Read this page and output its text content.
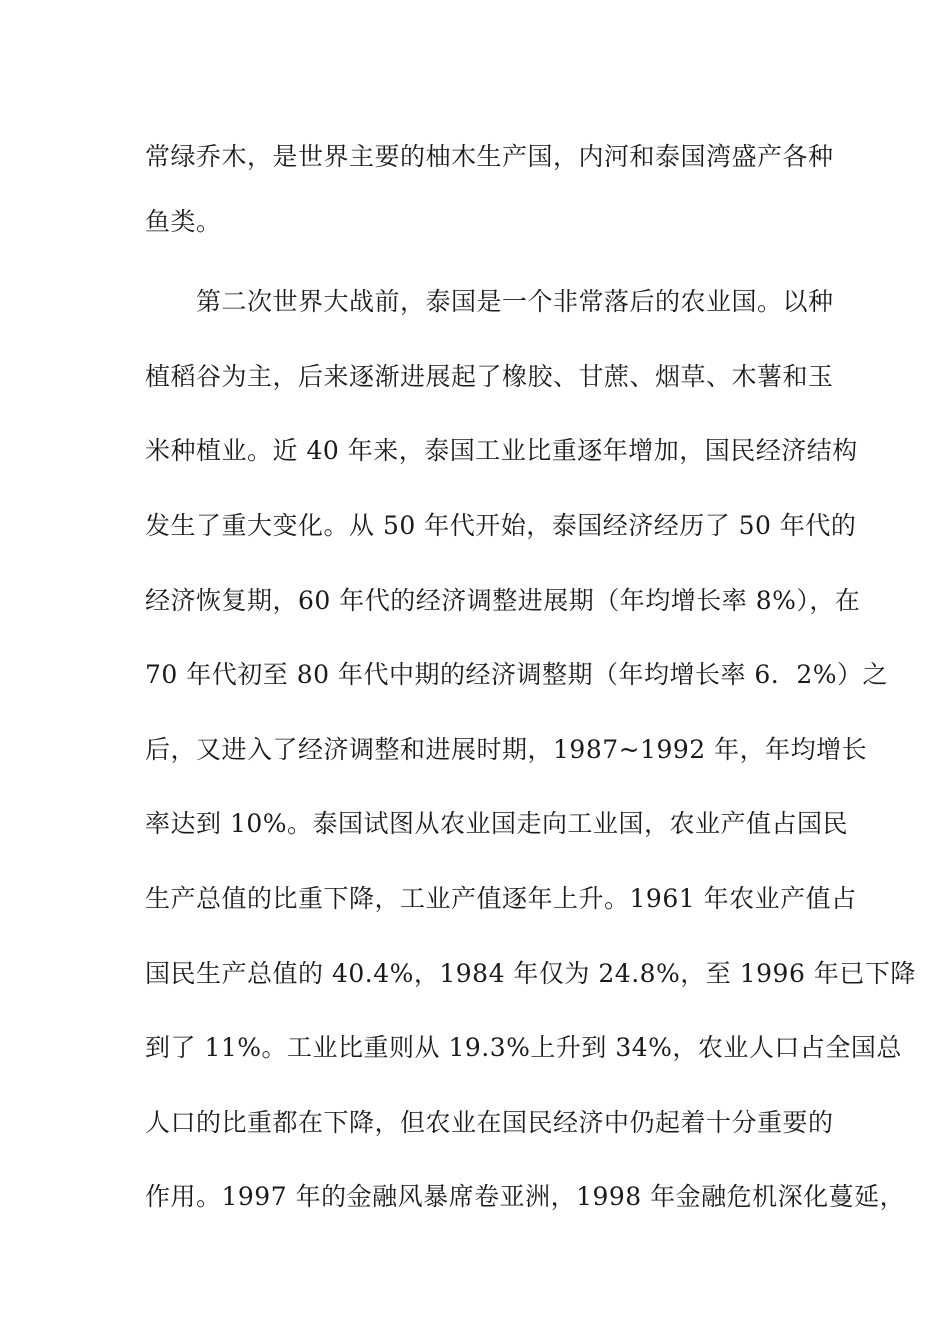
常绿乔木，是世界主要的柚木生产国，内河和泰国湾盛产各种
鱼类。
　　第二次世界大战前，泰国是一个非常落后的农业国。以种
植稻谷为主，后来逐渐进展起了橡胶、甘蔗、烟草、木薯和玉
米种植业。近 40 年来，泰国工业比重逐年增加，国民经济结构
发生了重大变化。从 50 年代开始，泰国经济经历了 50 年代的
经济恢复期，60 年代的经济调整进展期（年均增长率 8%），在
70 年代初至 80 年代中期的经济调整期（年均增长率 6．2%）之
后，又进入了经济调整和进展时期，1987~1992 年，年均增长
率达到 10%。泰国试图从农业国走向工业国，农业产值占国民
生产总值的比重下降，工业产值逐年上升。1961 年农业产值占
国民生产总值的 40.4%，1984 年仅为 24.8%，至 1996 年已下降
到了 11%。工业比重则从 19.3%上升到 34%，农业人口占全国总
人口的比重都在下降，但农业在国民经济中仍起着十分重要的
作用。1997 年的金融风暴席卷亚洲，1998 年金融危机深化蔓延，
